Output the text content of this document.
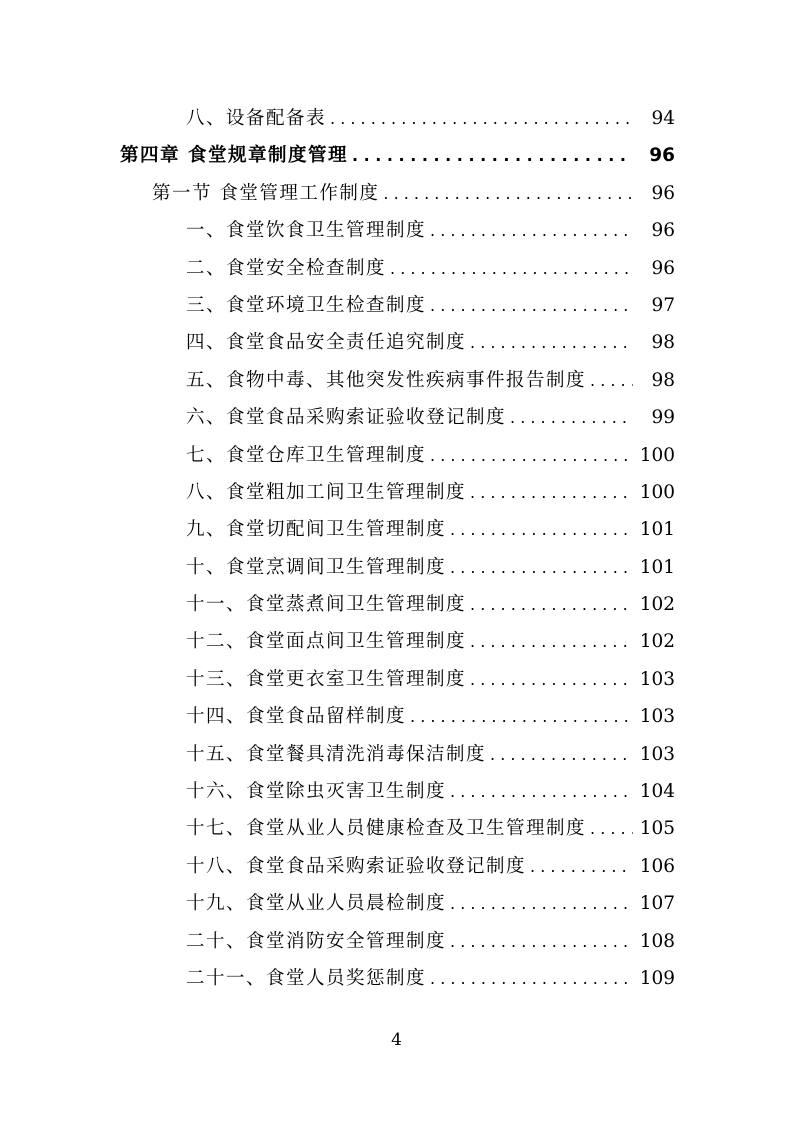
八、设备配备表 . . .	94
第四章 食堂规章制度管理 . . .	96
第一节 食堂管理工作制度 . . .	96
一、食堂饮食卫生管理制度 . . .	96
二、食堂安全检查制度 . . .	96
三、食堂环境卫生检查制度 . . .	97
四、食堂食品安全责任追究制度 . . .	98
五、食物中毒、其他突发性疾病事件报告制度 . . .	98
六、食堂食品采购索证验收登记制度 . . .	99
七、食堂仓库卫生管理制度 . . .	100
八、食堂粗加工间卫生管理制度 . . .	100
九、食堂切配间卫生管理制度 . . .	101
十、食堂烹调间卫生管理制度 . . .	101
十一、食堂蒸煮间卫生管理制度 . . .	102
十二、食堂面点间卫生管理制度 . . .	102
十三、食堂更衣室卫生管理制度 . . .	103
十四、食堂食品留样制度 . . .	103
十五、食堂餐具清洗消毒保洁制度 . . .	103
十六、食堂除虫灭害卫生制度 . . .	104
十七、食堂从业人员健康检查及卫生管理制度 . . .	105
十八、食堂食品采购索证验收登记制度 . . .	106
十九、食堂从业人员晨检制度 . . .	107
二十、食堂消防安全管理制度 . . .	108
二十一、食堂人员奖惩制度 . . .	109
4
